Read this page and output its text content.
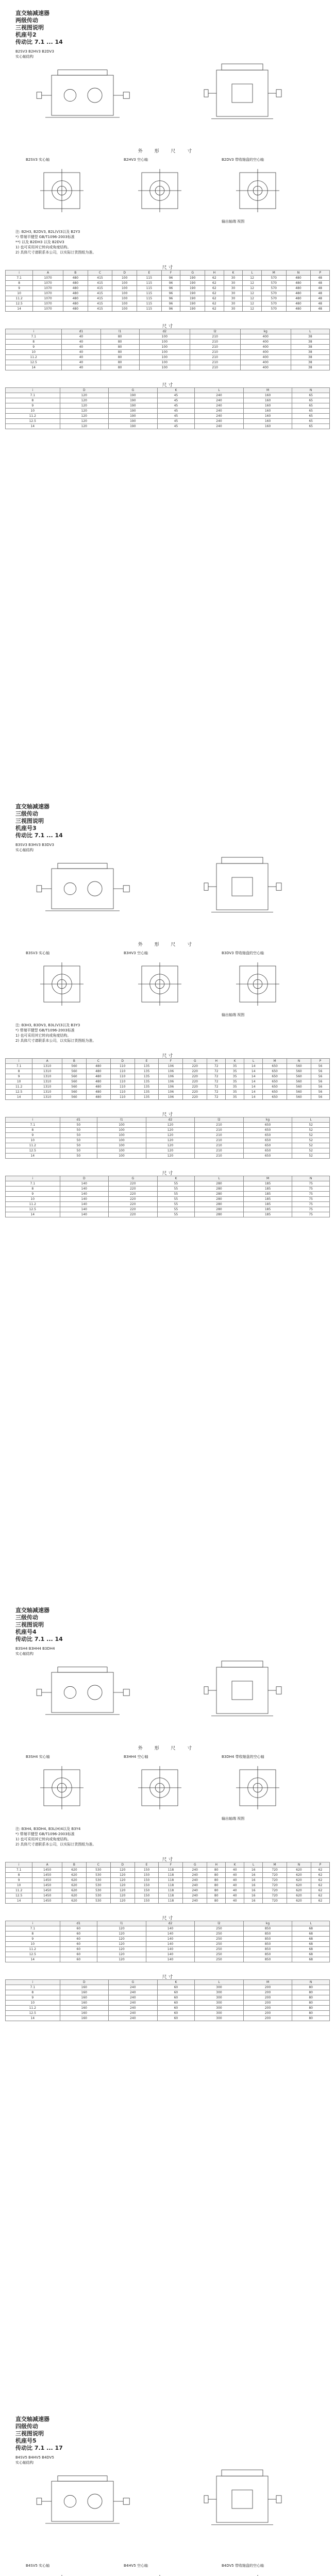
直交轴减速器
两级传动
三视图说明
机座号2
传动比 7.1 ... 14
B2SV3 B2HV3 B2DV3
实心轴结构
外 形 尺 寸
B2SV3 实心轴	B2HV3 空心轴	B2DV3 带收缩盘的空心轴
输出轴端 视图
注: B2H3, B2DV3, B2L(V)3以及 B2Y3
*) 带端平键型 GB/T1096-2003标准
**) 以及 B2DH3 以及 B2DV3
1) 也可采用其它转向或角度结构。
2) 具体尺寸请联系本公司，以实际订货图纸为准。
尺 寸
i	A	B	C	D	E	F	G	H	K	L	M	N	P
7.1	1070	480	415	100	115	96	190	62	30	12	570	480	48
8	1070	480	415	100	115	96	190	62	30	12	570	480	48
9	1070	480	415	100	115	96	190	62	30	12	570	480	48
10	1070	480	415	100	115	96	190	62	30	12	570	480	48
11.2	1070	480	415	100	115	96	190	62	30	12	570	480	48
12.5	1070	480	415	100	115	96	190	62	30	12	570	480	48
14	1070	480	415	100	115	96	190	62	30	12	570	480	48
尺 寸
i	d1	l1	d2	l2	kg	L
7.1	40	80	100	210	400	38
8	40	80	100	210	400	38
9	40	80	100	210	400	38
10	40	80	100	210	400	38
11.2	40	80	100	210	400	38
12.5	40	80	100	210	400	38
14	40	80	100	210	400	38
尺 寸
i	D	G	K	L	M	N
7.1	120	190	45	240	160	65
8	120	190	45	240	160	65
9	120	190	45	240	160	65
10	120	190	45	240	160	65
11.2	120	190	45	240	160	65
12.5	120	190	45	240	160	65
14	120	190	45	240	160	65
直交轴减速器
三级传动
三视图说明
机座号3
传动比 7.1 ... 14
B3SV3 B3HV3 B3DV3
实心轴结构
外 形 尺 寸
B3SV3 实心轴	B3HV3 空心轴	B3DV3 带收缩盘的空心轴
输出轴端 视图
注: B3H3, B3DV3, B3L(V)3以及 B3Y3
*) 带端平键型 GB/T1096-2003标准
1) 也可采用其它转向或角度结构。
2) 具体尺寸请联系本公司，以实际订货图纸为准。
尺 寸
i	A	B	C	D	E	F	G	H	K	L	M	N	P
7.1	1310	560	480	110	135	106	220	72	35	14	650	560	56
8	1310	560	480	110	135	106	220	72	35	14	650	560	56
9	1310	560	480	110	135	106	220	72	35	14	650	560	56
10	1310	560	480	110	135	106	220	72	35	14	650	560	56
11.2	1310	560	480	110	135	106	220	72	35	14	650	560	56
12.5	1310	560	480	110	135	106	220	72	35	14	650	560	56
14	1310	560	480	110	135	106	220	72	35	14	650	560	56
尺 寸
i	d1	l1	d2	l2	kg	L
7.1	50	100	120	210	650	52
8	50	100	120	210	650	52
9	50	100	120	210	650	52
10	50	100	120	210	650	52
11.2	50	100	120	210	650	52
12.5	50	100	120	210	650	52
14	50	100	120	210	650	52
尺 寸
i	D	G	K	L	M	N
7.1	140	220	55	280	185	75
8	140	220	55	280	185	75
9	140	220	55	280	185	75
10	140	220	55	280	185	75
11.2	140	220	55	280	185	75
12.5	140	220	55	280	185	75
14	140	220	55	280	185	75
直交轴减速器
三级传动
三视图说明
机座号4
传动比 7.1 ... 14
B3SH4 B3HH4 B3DH4
实心轴结构
外 形 尺 寸
B3SH4 实心轴	B3HH4 空心轴	B3DH4 带收缩盘的空心轴
输出轴端 视图
注: B3H4, B3DH4, B3L(H)4以及 B3Y4
*) 带端平键型 GB/T1096-2003标准
1) 也可采用其它转向或角度结构。
2) 具体尺寸请联系本公司，以实际订货图纸为准。
尺 寸
i	A	B	C	D	E	F	G	H	K	L	M	N	P
7.1	1450	620	530	120	150	118	240	80	40	16	720	620	62
8	1450	620	530	120	150	118	240	80	40	16	720	620	62
9	1450	620	530	120	150	118	240	80	40	16	720	620	62
10	1450	620	530	120	150	118	240	80	40	16	720	620	62
11.2	1450	620	530	120	150	118	240	80	40	16	720	620	62
12.5	1450	620	530	120	150	118	240	80	40	16	720	620	62
14	1450	620	530	120	150	118	240	80	40	16	720	620	62
尺 寸
i	d1	l1	d2	l2	kg	L
7.1	60	120	140	250	850	68
8	60	120	140	250	850	68
9	60	120	140	250	850	68
10	60	120	140	250	850	68
11.2	60	120	140	250	850	68
12.5	60	120	140	250	850	68
14	60	120	140	250	850	68
尺 寸
i	D	G	K	L	M	N
7.1	160	240	60	300	200	80
8	160	240	60	300	200	80
9	160	240	60	300	200	80
10	160	240	60	300	200	80
11.2	160	240	60	300	200	80
12.5	160	240	60	300	200	80
14	160	240	60	300	200	80
直交轴减速器
四级传动
三视图说明
机座号5
传动比 7.1 ... 17
B4SV5 B4HV5 B4DV5
实心轴结构
B4SV5 实心轴	B4HV5 空心轴	B4DV5 带收缩盘的空心轴
